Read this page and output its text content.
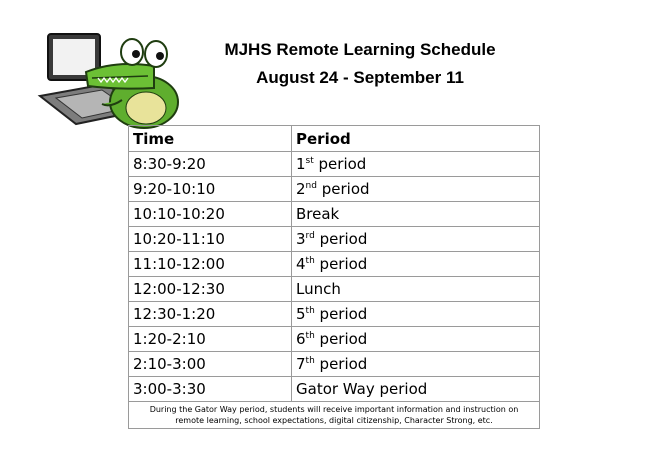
MJHS Remote Learning Schedule
August 24 - September 11
Time	Period
8:30-9:20	1st period
9:20-10:10	2nd period
10:10-10:20	Break
10:20-11:10	3rd period
11:10-12:00	4th period
12:00-12:30	Lunch
12:30-1:20	5th period
1:20-2:10	6th period
2:10-3:00	7th period
3:00-3:30	Gator Way period
During the Gator Way period, students will receive important information and instruction on remote learning, school expectations, digital citizenship, Character Strong, etc.	
